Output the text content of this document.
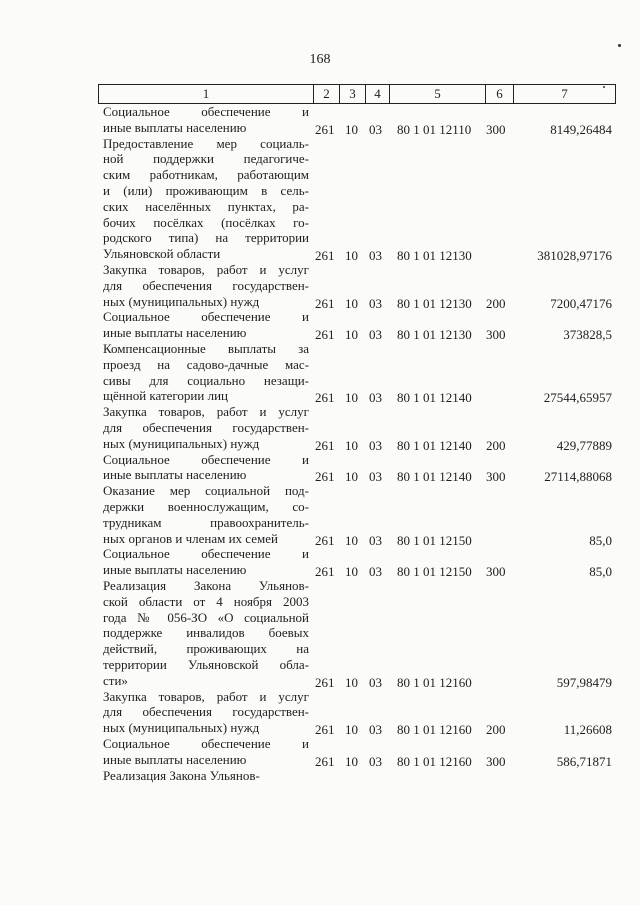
168
1	2	3	4	5	6	7
Социальное обеспечение и
иные выплаты населению	261 10 03 80 1 01 12110 300	8149,26484
Предоставление мер социаль-
ной поддержки педагогиче-
ским работникам, работающим
и (или) проживающим в сель-
ских населённых пунктах, ра-
бочих посёлках (посёлках го-
родского типа) на территории
Ульяновской области	261 10 03 80 1 01 12130	381028,97176
Закупка товаров, работ и услуг
для обеспечения государствен-
ных (муниципальных) нужд	261 10 03 80 1 01 12130 200	7200,47176
Социальное обеспечение и
иные выплаты населению	261 10 03 80 1 01 12130 300	373828,5
Компенсационные выплаты за
проезд на садово-дачные мас-
сивы для социально незащи-
щённой категории лиц	261 10 03 80 1 01 12140	27544,65957
Закупка товаров, работ и услуг
для обеспечения государствен-
ных (муниципальных) нужд	261 10 03 80 1 01 12140 200	429,77889
Социальное обеспечение и
иные выплаты населению	261 10 03 80 1 01 12140 300	27114,88068
Оказание мер социальной под-
держки военнослужащим, со-
трудникам правоохранитель-
ных органов и членам их семей	261 10 03 80 1 01 12150	85,0
Социальное обеспечение и
иные выплаты населению	261 10 03 80 1 01 12150 300	85,0
Реализация Закона Ульянов-
ской области от 4 ноября 2003
года № 056-ЗО «О социальной
поддержке инвалидов боевых
действий, проживающих на
территории Ульяновской обла-
сти»	261 10 03 80 1 01 12160	597,98479
Закупка товаров, работ и услуг
для обеспечения государствен-
ных (муниципальных) нужд	261 10 03 80 1 01 12160 200	11,26608
Социальное обеспечение и
иные выплаты населению	261 10 03 80 1 01 12160 300	586,71871
Реализация Закона Ульянов-
